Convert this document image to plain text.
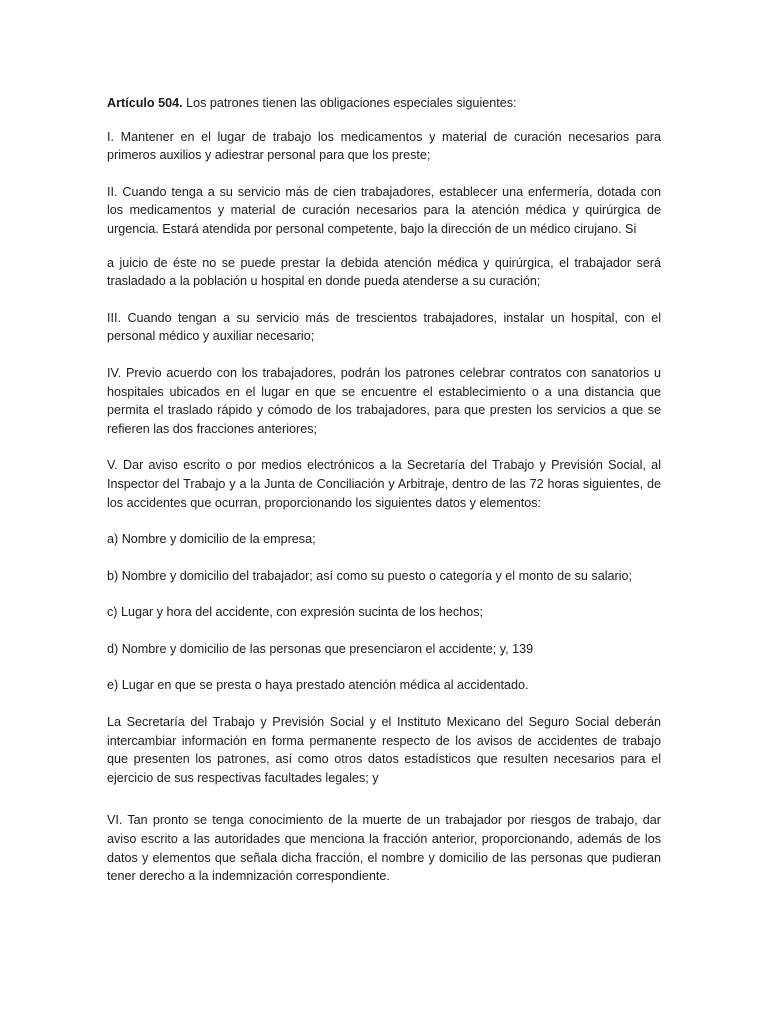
Artículo 504. Los patrones tienen las obligaciones especiales siguientes:

I. Mantener en el lugar de trabajo los medicamentos y material de curación necesarios para primeros auxilios y adiestrar personal para que los preste;

II. Cuando tenga a su servicio más de cien trabajadores, establecer una enfermería, dotada con los medicamentos y material de curación necesarios para la atención médica y quirúrgica de urgencia. Estará atendida por personal competente, bajo la dirección de un médico cirujano. Si

a juicio de éste no se puede prestar la debida atención médica y quirúrgica, el trabajador será trasladado a la población u hospital en donde pueda atenderse a su curación;

III. Cuando tengan a su servicio más de trescientos trabajadores, instalar un hospital, con el personal médico y auxiliar necesario;

IV. Previo acuerdo con los trabajadores, podrán los patrones celebrar contratos con sanatorios u hospitales ubicados en el lugar en que se encuentre el establecimiento o a una distancia que permita el traslado rápido y cómodo de los trabajadores, para que presten los servicios a que se refieren las dos fracciones anteriores;

V. Dar aviso escrito o por medios electrónicos a la Secretaría del Trabajo y Previsión Social, al Inspector del Trabajo y a la Junta de Conciliación y Arbitraje, dentro de las 72 horas siguientes, de los accidentes que ocurran, proporcionando los siguientes datos y elementos:

a) Nombre y domicilio de la empresa;

b) Nombre y domicilio del trabajador; así como su puesto o categoría y el monto de su salario;

c) Lugar y hora del accidente, con expresión sucinta de los hechos;

d) Nombre y domicilio de las personas que presenciaron el accidente; y, 139

e) Lugar en que se presta o haya prestado atención médica al accidentado.

La Secretaría del Trabajo y Previsión Social y el Instituto Mexicano del Seguro Social deberán intercambiar información en forma permanente respecto de los avisos de accidentes de trabajo que presenten los patrones, así como otros datos estadísticos que resulten necesarios para el ejercicio de sus respectivas facultades legales; y

VI. Tan pronto se tenga conocimiento de la muerte de un trabajador por riesgos de trabajo, dar aviso escrito a las autoridades que menciona la fracción anterior, proporcionando, además de los datos y elementos que señala dicha fracción, el nombre y domicilio de las personas que pudieran tener derecho a la indemnización correspondiente.
